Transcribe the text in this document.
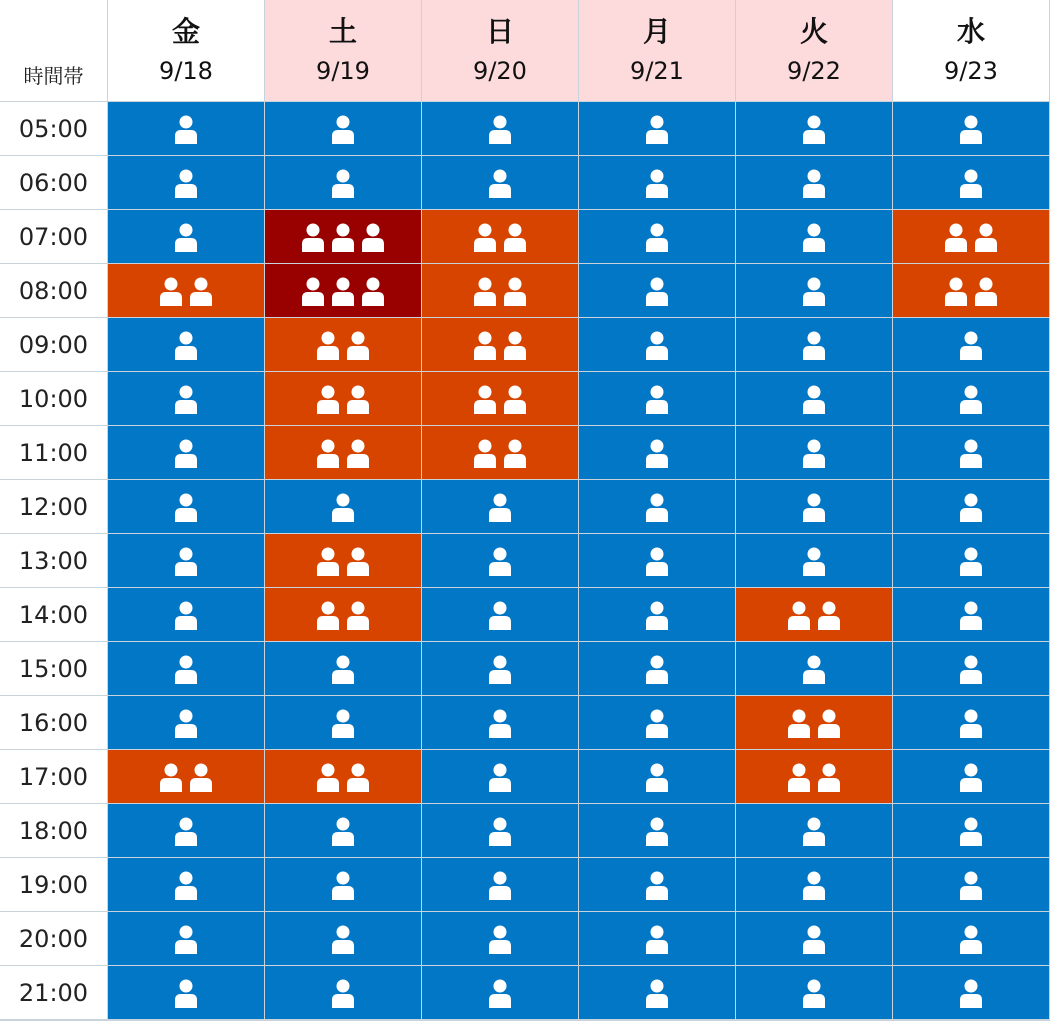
時間帯
金
9/18
土
9/19
日
9/20
月
9/21
火
9/22
水
9/23
05:00
06:00
07:00
08:00
09:00
10:00
11:00
12:00
13:00
14:00
15:00
16:00
17:00
18:00
19:00
20:00
21:00
